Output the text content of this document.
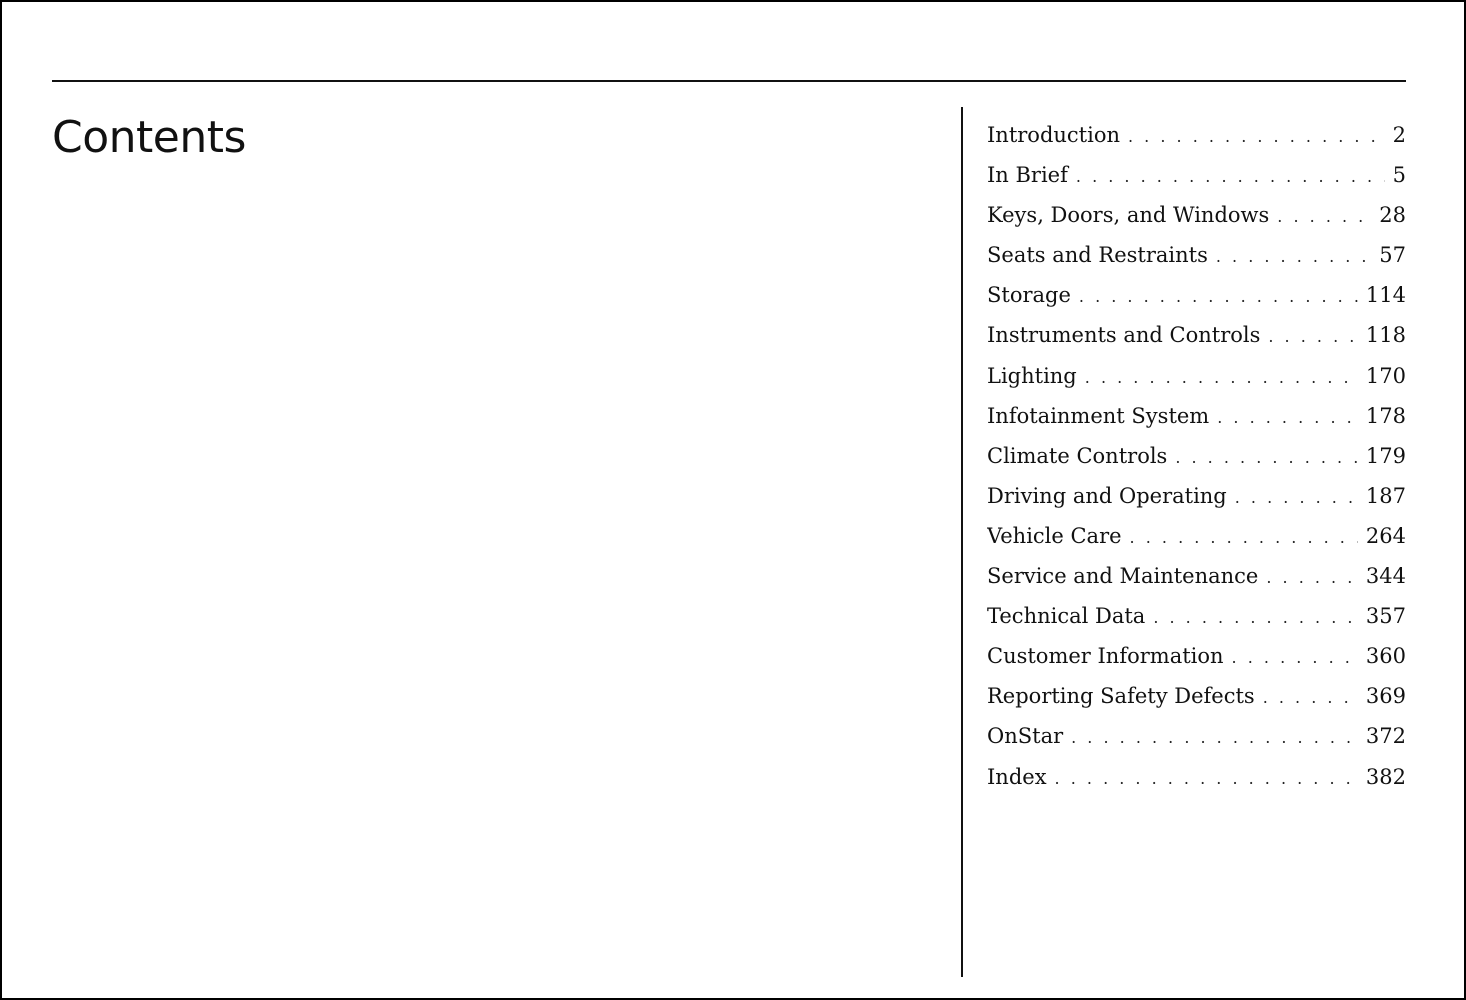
Contents	Introduction . . .	2
In Brief . . .	5
Keys, Doors, and Windows . . .	28
Seats and Restraints . . .	57
Storage . . .	114
Instruments and Controls . . .	118
Lighting . . .	170
Infotainment System . . .	178
Climate Controls . . .	179
Driving and Operating . . .	187
Vehicle Care . . .	264
Service and Maintenance . . .	344
Technical Data . . .	357
Customer Information . . .	360
Reporting Safety Defects . . .	369
OnStar . . .	372
Index . . .	382
